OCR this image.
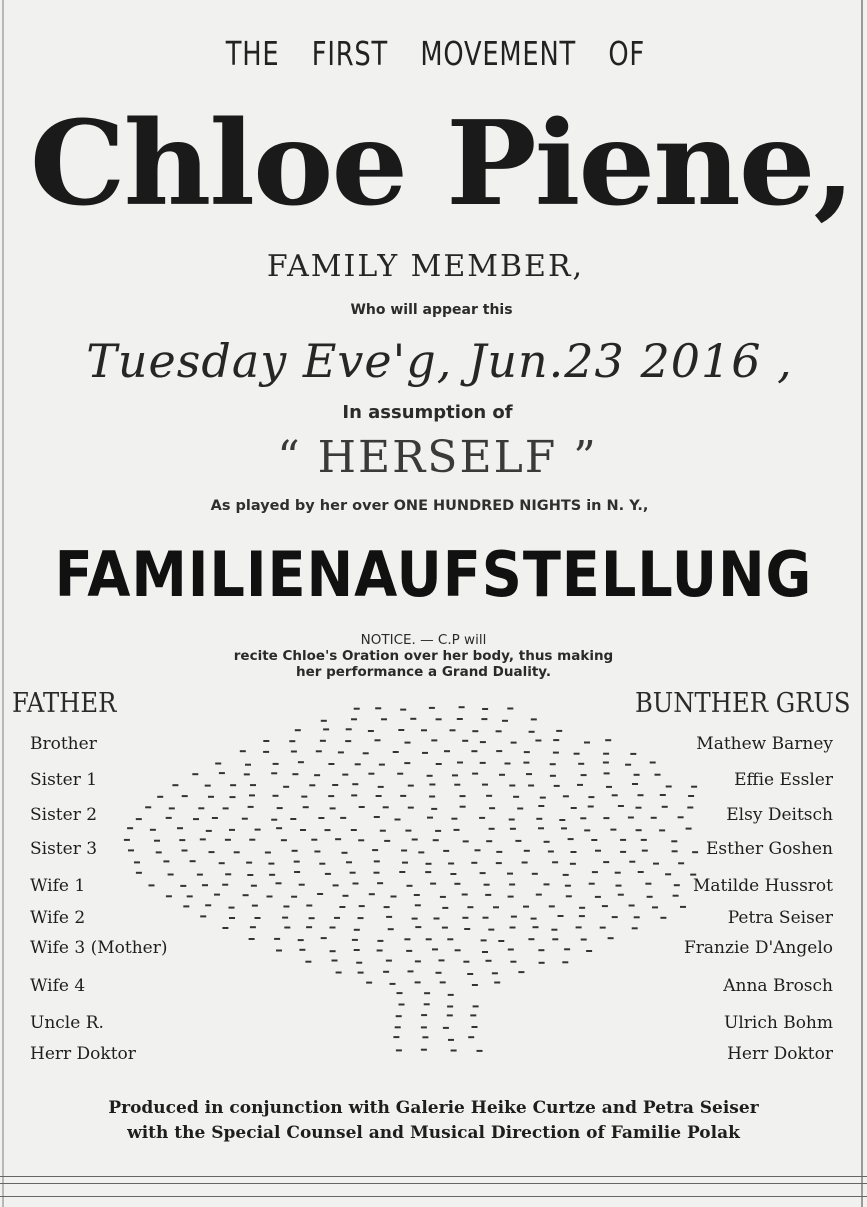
THE FIRST MOVEMENT OF
Chloe Piene,
FAMILY MEMBER,
Who will appear this
Tuesday Eve'g, Jun.23 2016 ,
In assumption of
“ HERSELF ”
As played by her over ONE HUNDRED NIGHTS in N. Y.,
FAMILIENAUFSTELLUNG
NOTICE. — C.P will
recite Chloe's Oration over her body, thus making
her performance a Grand Duality.
FATHER	BUNTHER GRUS
Brother	Mathew Barney
Sister 1	Effie Essler
Sister 2	Elsy Deitsch
Sister 3	Esther Goshen
Wife 1	Matilde Hussrot
Wife 2	Petra Seiser
Wife 3 (Mother)	Franzie D'Angelo
Wife 4	Anna Brosch
Uncle R.	Ulrich Bohm
Herr Doktor	Herr Doktor
Produced in conjunction with Galerie Heike Curtze and Petra Seiser
with the Special Counsel and Musical Direction of Familie Polak
